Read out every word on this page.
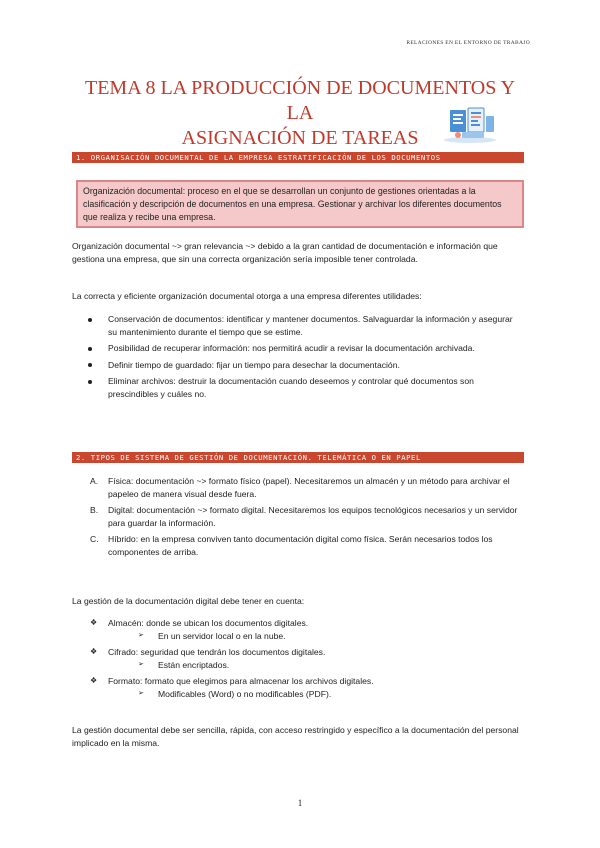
RELACIONES EN EL ENTORNO DE TRABAJO
TEMA 8 LA PRODUCCIÓN DE DOCUMENTOS Y LA
ASIGNACIÓN DE TAREAS
1. ORGANISACIÓN DOCUMENTAL DE LA EMPRESA ESTRATIFICACIÓN DE LOS DOCUMENTOS
Organización documental: proceso en el que se desarrollan un conjunto de gestiones orientadas a la clasificación y descripción de documentos en una empresa. Gestionar y archivar los diferentes documentos que realiza y recibe una empresa.
Organización documental ~> gran relevancia ~> debido a la gran cantidad de documentación e información que gestiona una empresa, que sin una correcta organización sería imposible tener controlada.
La correcta y eficiente organización documental otorga a una empresa diferentes utilidades:
Conservación de documentos: identificar y mantener documentos. Salvaguardar la información y asegurar su mantenimiento durante el tiempo que se estime.
Posibilidad de recuperar información: nos permitirá acudir a revisar la documentación archivada.
Definir tiempo de guardado: fijar un tiempo para desechar la documentación.
Eliminar archivos: destruir la documentación cuando deseemos y controlar qué documentos son prescindibles y cuáles no.
2. TIPOS DE SISTEMA DE GESTIÓN DE DOCUMENTACIÓN. TELEMÁTICA O EN PAPEL
A. Física: documentación ~> formato físico (papel). Necesitaremos un almacén y un método para archivar el papeleo de manera visual desde fuera.
B. Digital: documentación ~> formato digital. Necesitaremos los equipos tecnológicos necesarios y un servidor para guardar la información.
C. Híbrido: en la empresa conviven tanto documentación digital como física. Serán necesarios todos los componentes de arriba.
La gestión de la documentación digital debe tener en cuenta:
❖ Almacén: donde se ubican los documentos digitales.
➢ En un servidor local o en la nube.
❖ Cifrado: seguridad que tendrán los documentos digitales.
➢ Están encriptados.
❖ Formato: formato que elegimos para almacenar los archivos digitales.
➢ Modificables (Word) o no modificables (PDF).
La gestión documental debe ser sencilla, rápida, con acceso restringido y específico a la documentación del personal implicado en la misma.
1
